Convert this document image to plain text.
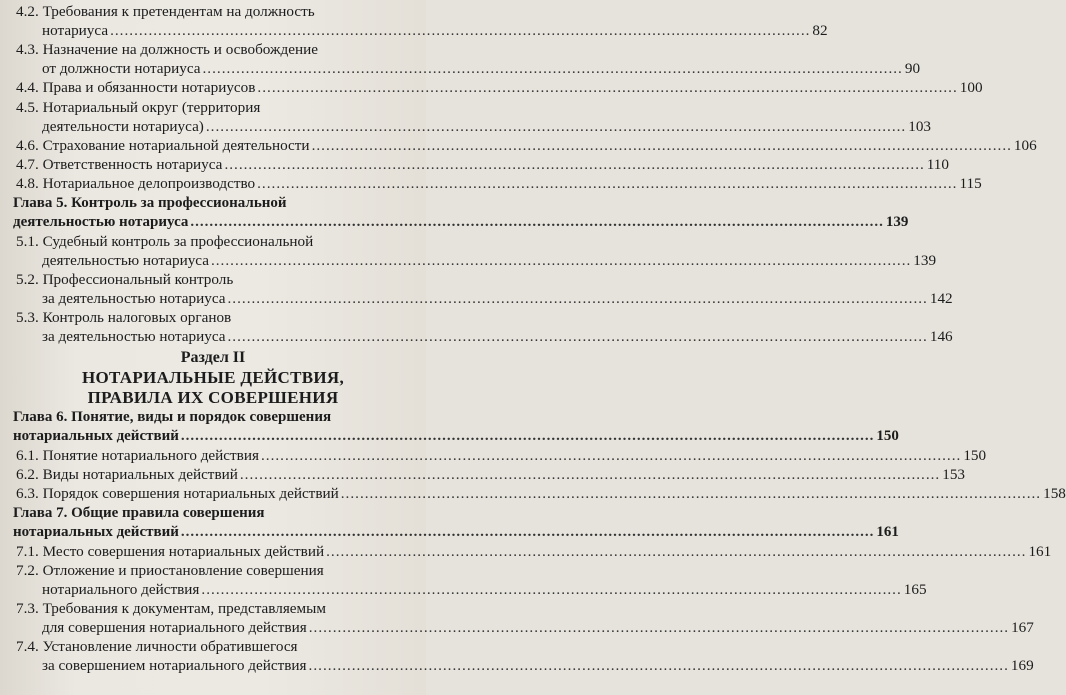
4.2. Требования к претендентам на должность
нотариуса .....	82
4.3. Назначение на должность и освобождение
от должности нотариуса .....	90
4.4. Права и обязанности нотариусов .....	100
4.5. Нотариальный округ (территория
деятельности нотариуса) .....	103
4.6. Страхование нотариальной деятельности .....	106
4.7. Ответственность нотариуса .....	110
4.8. Нотариальное делопроизводство .....	115
Глава 5. Контроль за профессиональной
деятельностью нотариуса .....	139
5.1. Судебный контроль за профессиональной
деятельностью нотариуса .....	139
5.2. Профессиональный контроль
за деятельностью нотариуса .....	142
5.3. Контроль налоговых органов
за деятельностью нотариуса .....	146
Раздел II
НОТАРИАЛЬНЫЕ ДЕЙСТВИЯ,
ПРАВИЛА ИХ СОВЕРШЕНИЯ
Глава 6. Понятие, виды и порядок совершения
нотариальных действий .....	150
6.1. Понятие нотариального действия .....	150
6.2. Виды нотариальных действий .....	153
6.3. Порядок совершения нотариальных действий .....	158
Глава 7. Общие правила совершения
нотариальных действий .....	161
7.1. Место совершения нотариальных действий .....	161
7.2. Отложение и приостановление совершения
нотариального действия .....	165
7.3. Требования к документам, представляемым
для совершения нотариального действия .....	167
7.4. Установление личности обратившегося
за совершением нотариального действия .....	169
